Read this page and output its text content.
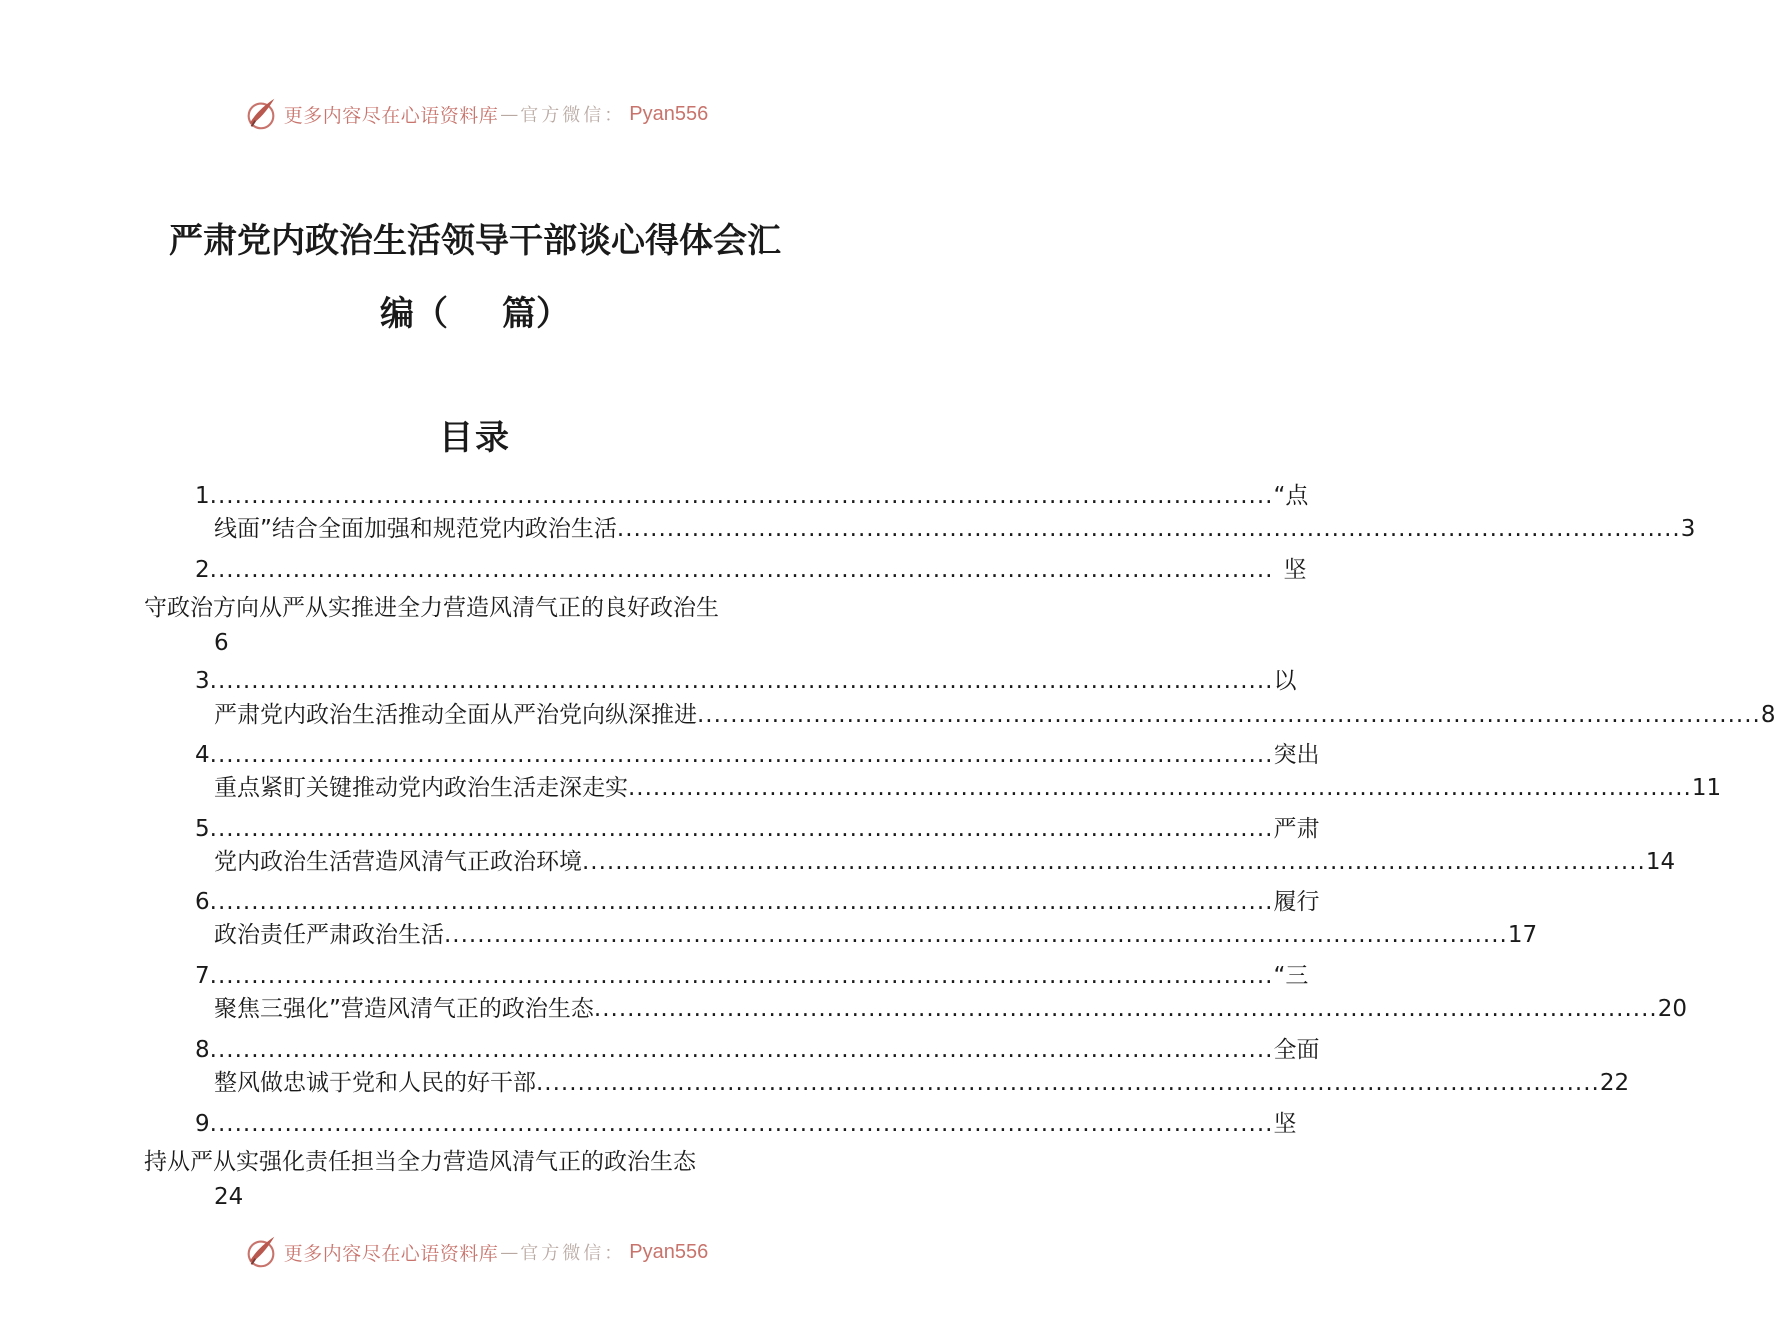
更多内容尽在心语资料库 — 官方微信： Pyan556
严肃党内政治生活领导干部谈心得体会汇
编（ 篇）
目录
1 ................................................................................................................................ “点
线面”结合全面加强和规范党内政治生活 ................................................................................................................................ 3
2 ................................................................................................................................ 坚
守政治方向从严从实推进全力营造风清气正的良好政治生
6
3 ................................................................................................................................ 以
严肃党内政治生活推动全面从严治党向纵深推进 ................................................................................................................................ 8
4 ................................................................................................................................ 突出
重点紧盯关键推动党内政治生活走深走实 ................................................................................................................................ 11
5 ................................................................................................................................ 严肃
党内政治生活营造风清气正政治环境 ................................................................................................................................ 14
6 ................................................................................................................................ 履行
政治责任严肃政治生活 ................................................................................................................................ 17
7 ................................................................................................................................ “三
聚焦三强化”营造风清气正的政治生态 ................................................................................................................................ 20
8 ................................................................................................................................ 全面
整风做忠诚于党和人民的好干部 ................................................................................................................................ 22
9 ................................................................................................................................ 坚
持从严从实强化责任担当全力营造风清气正的政治生态
24
更多内容尽在心语资料库 — 官方微信： Pyan556
